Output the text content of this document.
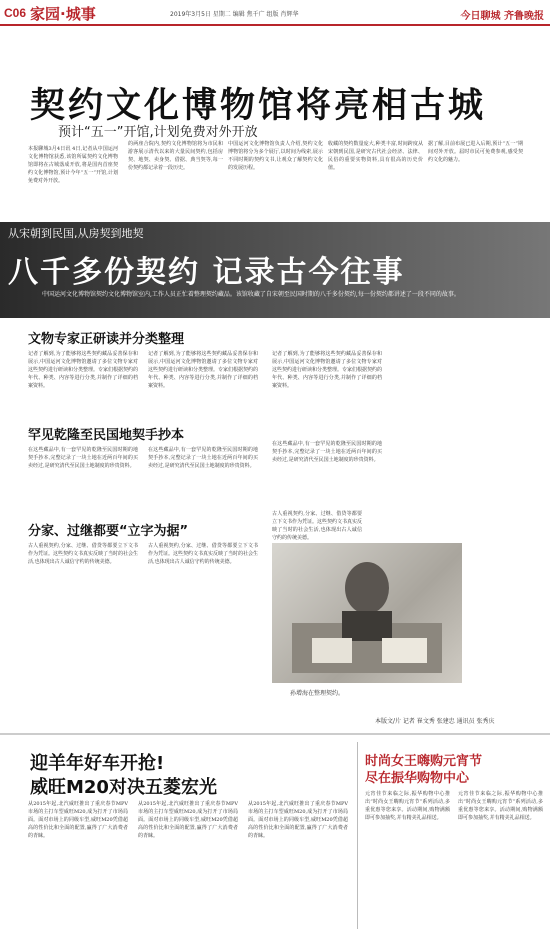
C06 家园·城事	2019年3月5日 星期二 编辑 焦千广 组版 肖辉华	今日聊城 齐鲁晚报
契约文化博物馆将亮相古城
预计“五一”开馆,计划免费对外开放
本报聊城3月4日讯 4日,记者从中国运河文化博物馆获悉,该馆所属契约文化博物馆即将在古城落成开放,将是国内首座契约文化博物馆,预计今年“五一”开馆,计划免费对外开放。
的两座合院内,契约文化博物馆将为市民和游客展示清代以来的大量民间契约,包括房契、地契、卖身契、借据、典当契等,每一份契约都记录着一段历史。
中国运河文化博物馆负责人介绍,契约文化博物馆将分为多个展厅,以时间为线索,展示不同时期的契约文书,让观众了解契约文化的发展历程。
收藏的契约数量庞大,种类丰富,时间跨度从宋朝到民国,是研究古代社会经济、法律、民俗的重要实物资料,具有很高的历史价值。
据了解,目前布展已进入后期,预计“五一”期间对外开放。届时市民可免费参观,感受契约文化的魅力。
从宋朝到民国,从房契到地契
八千多份契约 记录古今往事
中国运河文化博物馆契约文化博物馆室内,工作人员正忙着整理契约藏品。该馆收藏了自宋朝至民国时期的八千多份契约,每一份契约都讲述了一段不同的故事。
文物专家正研读并分类整理
记者了解到,为了能够将这些契约藏品妥善保存和展示,中国运河文化博物馆邀请了多位文物专家对这些契约进行研读和分类整理。专家们根据契约的年代、种类、内容等进行分类,并制作了详细的档案资料。
记者了解到,为了能够将这些契约藏品妥善保存和展示,中国运河文化博物馆邀请了多位文物专家对这些契约进行研读和分类整理。专家们根据契约的年代、种类、内容等进行分类,并制作了详细的档案资料。
记者了解到,为了能够将这些契约藏品妥善保存和展示,中国运河文化博物馆邀请了多位文物专家对这些契约进行研读和分类整理。专家们根据契约的年代、种类、内容等进行分类,并制作了详细的档案资料。
罕见乾隆至民国地契手抄本
在这些藏品中,有一套罕见的乾隆至民国时期的地契手抄本,完整记录了一块土地在近两百年间的买卖经过,是研究清代至民国土地制度的珍贵资料。
在这些藏品中,有一套罕见的乾隆至民国时期的地契手抄本,完整记录了一块土地在近两百年间的买卖经过,是研究清代至民国土地制度的珍贵资料。
在这些藏品中,有一套罕见的乾隆至民国时期的地契手抄本,完整记录了一块土地在近两百年间的买卖经过,是研究清代至民国土地制度的珍贵资料。
分家、过继都要“立字为据”
古人重视契约,分家、过继、借贷等都要立下文书作为凭证。这些契约文书真实反映了当时的社会生活,也体现出古人诚信守约的传统美德。
古人重视契约,分家、过继、借贷等都要立下文书作为凭证。这些契约文书真实反映了当时的社会生活,也体现出古人诚信守约的传统美德。
古人重视契约,分家、过继、借贷等都要立下文书作为凭证。这些契约文书真实反映了当时的社会生活,也体现出古人诚信守约的传统美德。
孙增海在整理契约。
本版文/片 记者 崔文秀 张建忠 通讯员 张秀庆
迎羊年好车开抢!
威旺M20对决五菱宏光
从2015年起,北汽威旺推出了重庆春节MPV市场的主打车型威旺M20,成为打开了市场局面。面对市场上的同级车型,威旺M20凭借超高的性价比和全面的配置,赢得了广大消费者的青睐。
从2015年起,北汽威旺推出了重庆春节MPV市场的主打车型威旺M20,成为打开了市场局面。面对市场上的同级车型,威旺M20凭借超高的性价比和全面的配置,赢得了广大消费者的青睐。
从2015年起,北汽威旺推出了重庆春节MPV市场的主打车型威旺M20,成为打开了市场局面。面对市场上的同级车型,威旺M20凭借超高的性价比和全面的配置,赢得了广大消费者的青睐。
时尚女王嗨购元宵节
尽在振华购物中心
元宵佳节来临之际,振华购物中心推出“时尚女王嗨购元宵节”系列活动,多重优惠等您来享。活动期间,购物满额即可参加抽奖,并有精美礼品相送。
元宵佳节来临之际,振华购物中心推出“时尚女王嗨购元宵节”系列活动,多重优惠等您来享。活动期间,购物满额即可参加抽奖,并有精美礼品相送。
